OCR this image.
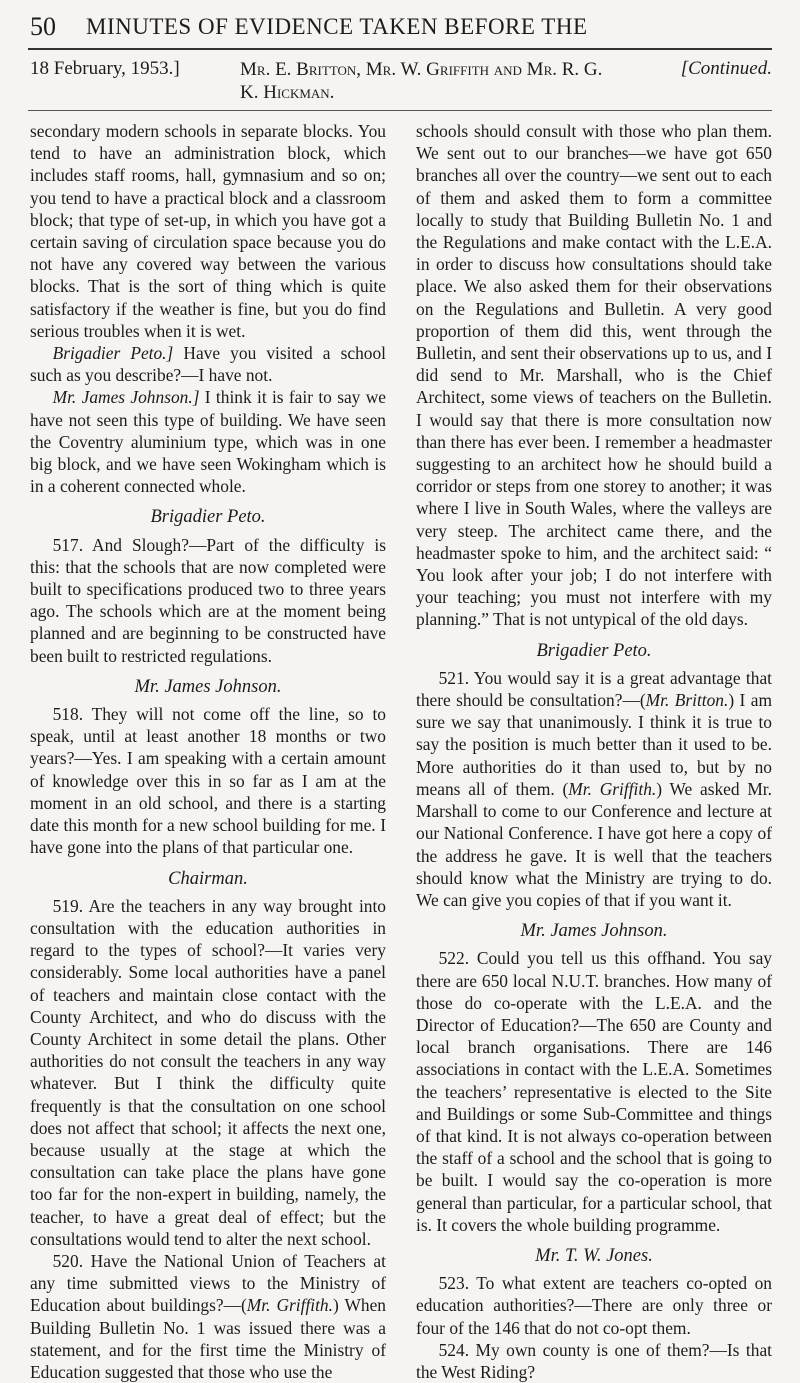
50 MINUTES OF EVIDENCE TAKEN BEFORE THE
18 February, 1953.]	Mr. E. Britton, Mr. W. Griffith and Mr. R. G. K. Hickman.
[Continued.

secondary modern schools in separate blocks. You tend to have an administration block, which includes staff rooms, hall, gymnasium and so on; you tend to have a practical block and a classroom block; that type of set-up, in which you have got a certain saving of circulation space because you do not have any covered way between the various blocks. That is the sort of thing which is quite satisfactory if the weather is fine, but you do find serious troubles when it is wet.

Brigadier Peto.] Have you visited a school such as you describe?—I have not.

Mr. James Johnson.] I think it is fair to say we have not seen this type of building. We have seen the Coventry aluminium type, which was in one big block, and we have seen Wokingham which is in a coherent connected whole.

Brigadier Peto.

517. And Slough?—Part of the difficulty is this: that the schools that are now completed were built to specifications produced two to three years ago. The schools which are at the moment being planned and are beginning to be constructed have been built to restricted regulations.

Mr. James Johnson.

518. They will not come off the line, so to speak, until at least another 18 months or two years?—Yes. I am speaking with a certain amount of knowledge over this in so far as I am at the moment in an old school, and there is a starting date this month for a new school building for me. I have gone into the plans of that particular one.

Chairman.

519. Are the teachers in any way brought into consultation with the education authorities in regard to the types of school?—It varies very considerably. Some local authorities have a panel of teachers and maintain close contact with the County Architect, and who do discuss with the County Architect in some detail the plans. Other authorities do not consult the teachers in any way whatever. But I think the difficulty quite frequently is that the consultation on one school does not affect that school; it affects the next one, because usually at the stage at which the consultation can take place the plans have gone too far for the non-expert in building, namely, the teacher, to have a great deal of effect; but the consultations would tend to alter the next school.

520. Have the National Union of Teachers at any time submitted views to the Ministry of Education about buildings?—(Mr. Griffith.) When Building Bulletin No. 1 was issued there was a statement, and for the first time the Ministry of Education suggested that those who use the

schools should consult with those who plan them. We sent out to our branches—we have got 650 branches all over the country—we sent out to each of them and asked them to form a committee locally to study that Building Bulletin No. 1 and the Regulations and make contact with the L.E.A. in order to discuss how consultations should take place. We also asked them for their observations on the Regulations and Bulletin. A very good proportion of them did this, went through the Bulletin, and sent their observations up to us, and I did send to Mr. Marshall, who is the Chief Architect, some views of teachers on the Bulletin. I would say that there is more consultation now than there has ever been. I remember a headmaster suggesting to an architect how he should build a corridor or steps from one storey to another; it was where I live in South Wales, where the valleys are very steep. The architect came there, and the headmaster spoke to him, and the architect said: “ You look after your job; I do not interfere with your teaching; you must not interfere with my planning.” That is not untypical of the old days.

Brigadier Peto.

521. You would say it is a great advantage that there should be consultation?—(Mr. Britton.) I am sure we say that unanimously. I think it is true to say the position is much better than it used to be. More authorities do it than used to, but by no means all of them. (Mr. Griffith.) We asked Mr. Marshall to come to our Conference and lecture at our National Conference. I have got here a copy of the address he gave. It is well that the teachers should know what the Ministry are trying to do. We can give you copies of that if you want it.

Mr. James Johnson.

522. Could you tell us this offhand. You say there are 650 local N.U.T. branches. How many of those do co-operate with the L.E.A. and the Director of Education?—The 650 are County and local branch organisations. There are 146 associations in contact with the L.E.A. Sometimes the teachers’ representative is elected to the Site and Buildings or some Sub-Committee and things of that kind. It is not always co-operation between the staff of a school and the school that is going to be built. I would say the co-operation is more general than particular, for a particular school, that is. It covers the whole building programme.

Mr. T. W. Jones.

523. To what extent are teachers co-opted on education authorities?—There are only three or four of the 146 that do not co-opt them.

524. My own county is one of them?—Is that the West Riding?
